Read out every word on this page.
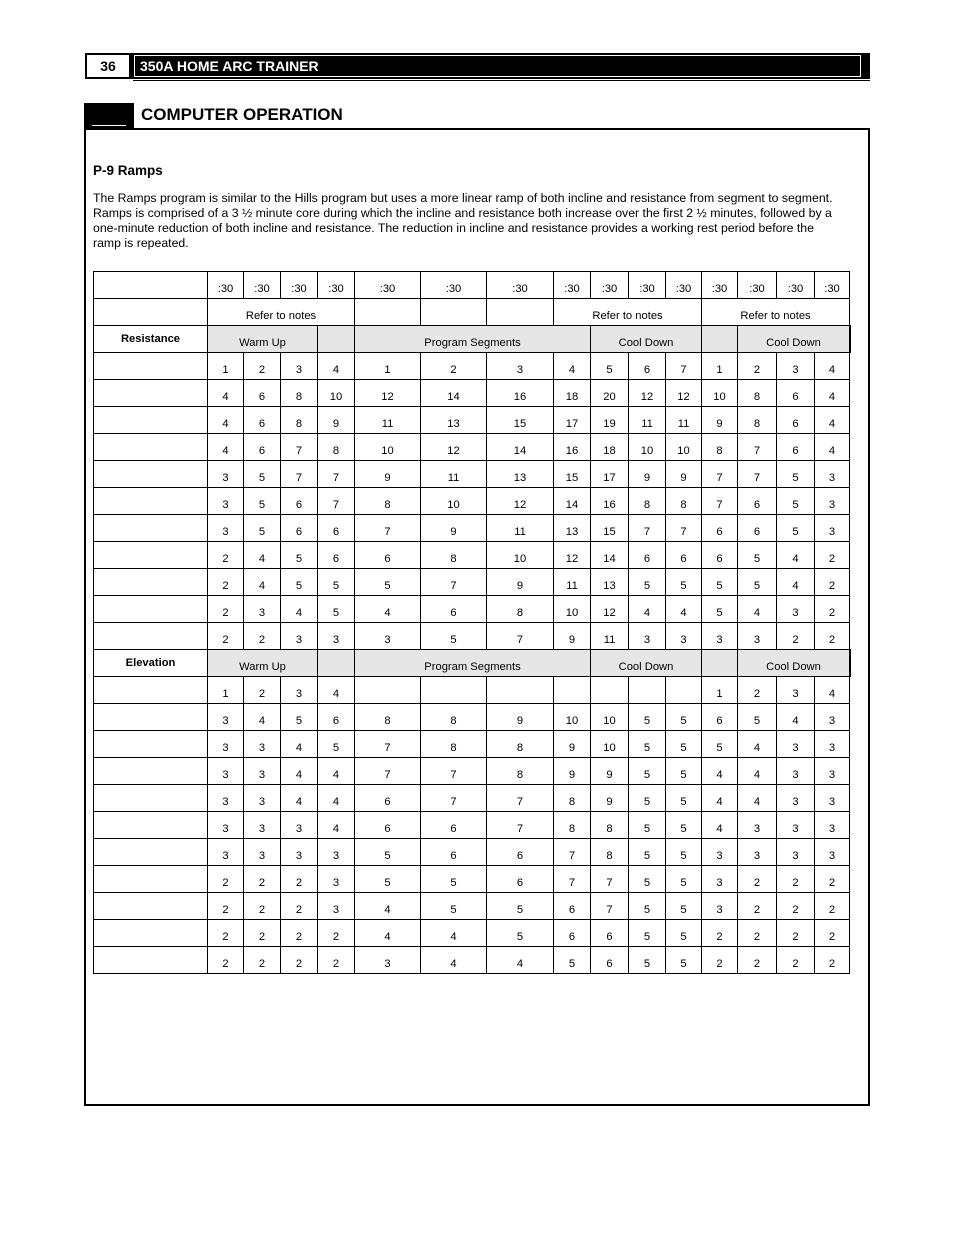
36	350A HOME ARC TRAINER
COMPUTER OPERATION
P-9 Ramps

The Ramps program is similar to the Hills program but uses a more linear ramp of both incline and resistance from segment to segment. Ramps is comprised of a 3 ½ minute core during which the incline and resistance both increase over the first 2 ½ minutes, followed by a one-minute reduction of both incline and resistance. The reduction in incline and resistance provides a working rest period before the ramp is repeated.

	:30	:30	:30	:30	:30	:30	:30	:30	:30	:30	:30	:30	:30	:30	:30	
	Refer to notes							Refer to notes				Refer to notes				
Resistance	Warm Up				Program Segments				Cool Down				Cool Down			
	1	2	3	4	1	2	3	4	5	6	7	1	2	3	4	
	4	6	8	10	12	14	16	18	20	12	12	10	8	6	4	
	4	6	8	9	11	13	15	17	19	11	11	9	8	6	4	
	4	6	7	8	10	12	14	16	18	10	10	8	7	6	4	
	3	5	7	7	9	11	13	15	17	9	9	7	7	5	3	
	3	5	6	7	8	10	12	14	16	8	8	7	6	5	3	
	3	5	6	6	7	9	11	13	15	7	7	6	6	5	3	
	2	4	5	6	6	8	10	12	14	6	6	6	5	4	2	
	2	4	5	5	5	7	9	11	13	5	5	5	5	4	2	
	2	3	4	5	4	6	8	10	12	4	4	5	4	3	2	
	2	2	3	3	3	5	7	9	11	3	3	3	3	2	2	
Elevation	Warm Up				Program Segments				Cool Down				Cool Down			
	1	2	3	4								1	2	3	4	
	3	4	5	6	8	8	9	10	10	5	5	6	5	4	3	
	3	3	4	5	7	8	8	9	10	5	5	5	4	3	3	
	3	3	4	4	7	7	8	9	9	5	5	4	4	3	3	
	3	3	4	4	6	7	7	8	9	5	5	4	4	3	3	
	3	3	3	4	6	6	7	8	8	5	5	4	3	3	3	
	3	3	3	3	5	6	6	7	8	5	5	3	3	3	3	
	2	2	2	3	5	5	6	7	7	5	5	3	2	2	2	
	2	2	2	3	4	5	5	6	7	5	5	3	2	2	2	
	2	2	2	2	4	4	5	6	6	5	5	2	2	2	2	
	2	2	2	2	3	4	4	5	6	5	5	2	2	2	2	
